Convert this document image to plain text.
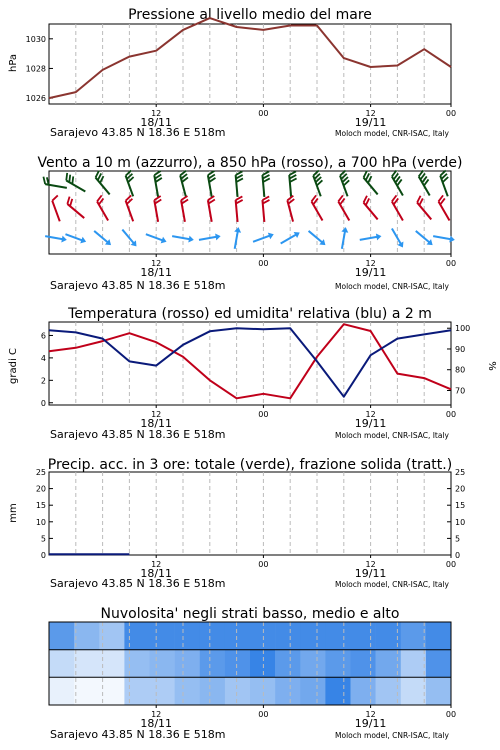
Pressione al livello medio del mare
hPa
1026
1028
1030
12	00	12	00
18/11	19/11
Sarajevo 43.85 N 18.36 E 518m	Moloch model, CNR-ISAC, Italy
Vento a 10 m (azzurro), a 850 hPa (rosso), a 700 hPa (verde)
12	00	12	00
18/11	19/11
Sarajevo 43.85 N 18.36 E 518m	Moloch model, CNR-ISAC, Italy
Temperatura (rosso) ed umidita' relativa (blu) a 2 m
gradi C	%
0
2
4
6
70
80
90
100
12	00	12	00
18/11	19/11
Sarajevo 43.85 N 18.36 E 518m	Moloch model, CNR-ISAC, Italy
Precip. acc. in 3 ore: totale (verde), frazione solida (tratt.)
mm
0
5
10
15
20
25
0
5
10
15
20
25
12	00	12	00
18/11	19/11
Sarajevo 43.85 N 18.36 E 518m	Moloch model, CNR-ISAC, Italy
Nuvolosita' negli strati basso, medio e alto
12	00	12	00
18/11	19/11
Sarajevo 43.85 N 18.36 E 518m	Moloch model, CNR-ISAC, Italy
